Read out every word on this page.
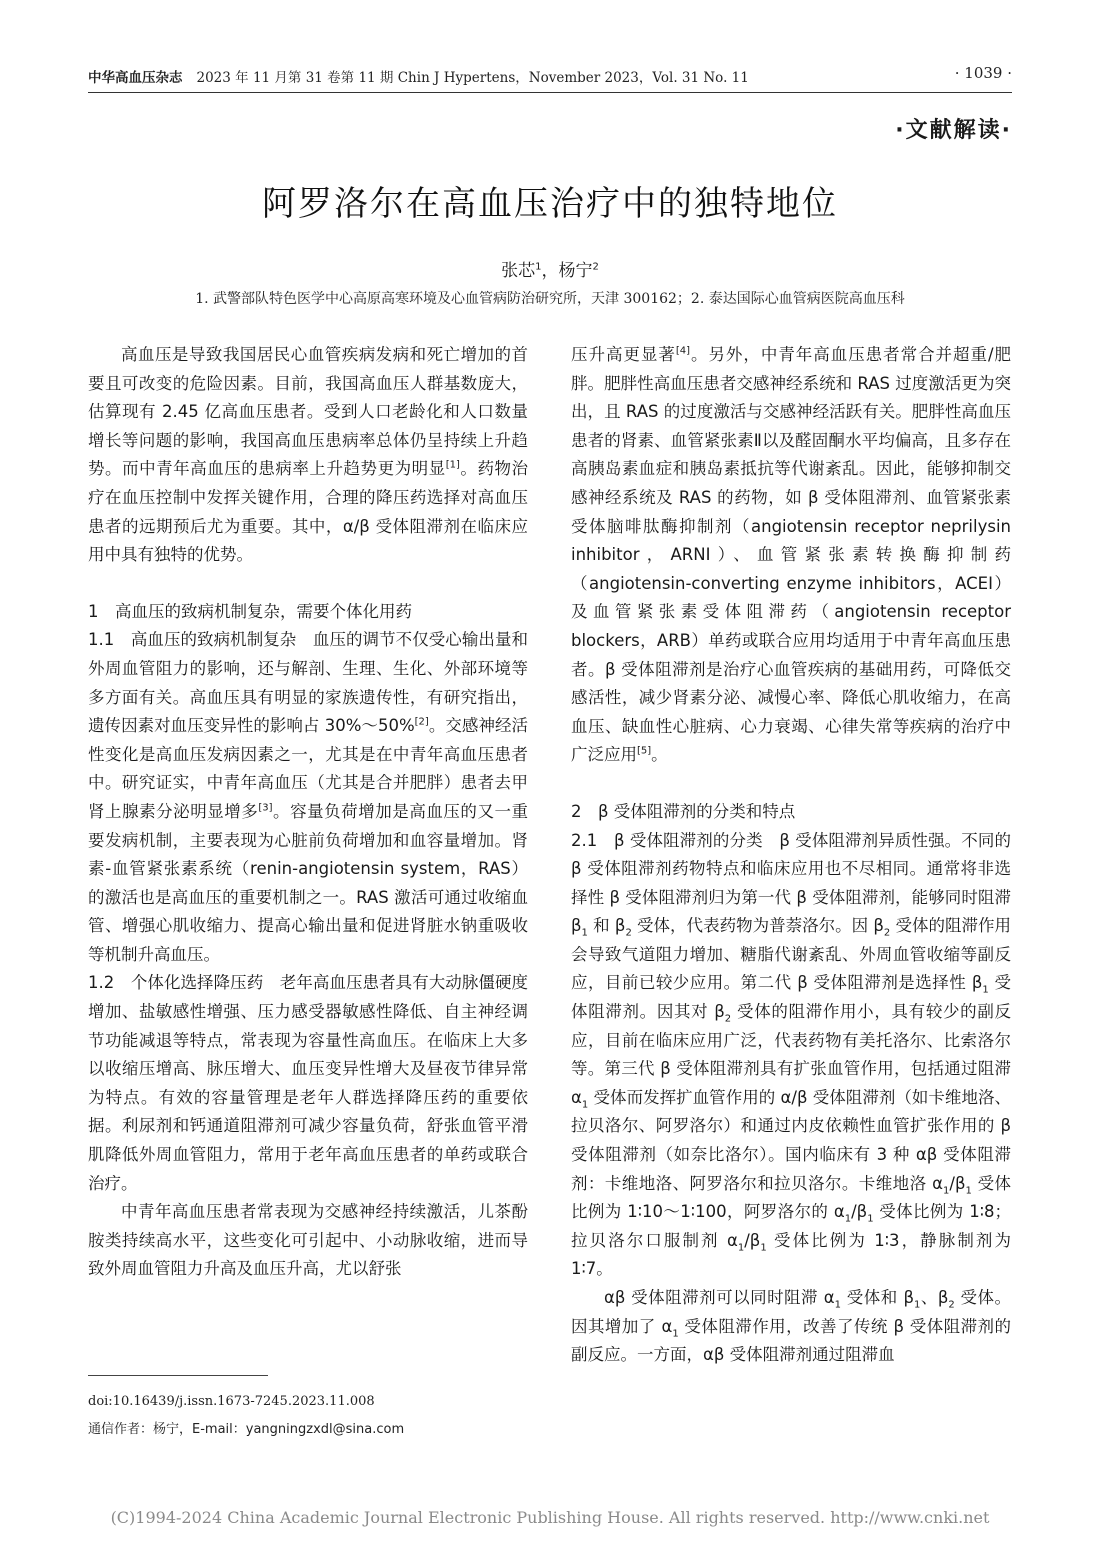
中华高血压杂志 2023 年 11 月第 31 卷第 11 期 Chin J Hypertens，November 2023，Vol. 31 No. 11	· 1039 ·
·文献解读·
阿罗洛尔在高血压治疗中的独特地位
张芯$^1$，杨宁$^2$
1. 武警部队特色医学中心高原高寒环境及心血管病防治研究所，天津 300162；2. 泰达国际心血管病医院高血压科

高血压是导致我国居民心血管疾病发病和死亡增加的首要且可改变的危险因素。目前，我国高血压人群基数庞大，估算现有 2.45 亿高血压患者。受到人口老龄化和人口数量增长等问题的影响，我国高血压患病率总体仍呈持续上升趋势。而中青年高血压的患病率上升趋势更为明显[1]。药物治疗在血压控制中发挥关键作用，合理的降压药选择对高血压患者的远期预后尤为重要。其中，α/β 受体阻滞剂在临床应用中具有独特的优势。

1　高血压的致病机制复杂，需要个体化用药

1.1　高血压的致病机制复杂　血压的调节不仅受心输出量和外周血管阻力的影响，还与解剖、生理、生化、外部环境等多方面有关。高血压具有明显的家族遗传性，有研究指出，遗传因素对血压变异性的影响占 30%～50%[2]。交感神经活性变化是高血压发病因素之一，尤其是在中青年高血压患者中。研究证实，中青年高血压（尤其是合并肥胖）患者去甲肾上腺素分泌明显增多[3]。容量负荷增加是高血压的又一重要发病机制，主要表现为心脏前负荷增加和血容量增加。肾素-血管紧张素系统（renin-angiotensin system，RAS）的激活也是高血压的重要机制之一。RAS 激活可通过收缩血管、增强心肌收缩力、提高心输出量和促进肾脏水钠重吸收等机制升高血压。

1.2　个体化选择降压药　老年高血压患者具有大动脉僵硬度增加、盐敏感性增强、压力感受器敏感性降低、自主神经调节功能减退等特点，常表现为容量性高血压。在临床上大多以收缩压增高、脉压增大、血压变异性增大及昼夜节律异常为特点。有效的容量管理是老年人群选择降压药的重要依据。利尿剂和钙通道阻滞剂可减少容量负荷，舒张血管平滑肌降低外周血管阻力，常用于老年高血压患者的单药或联合治疗。

中青年高血压患者常表现为交感神经持续激活，儿茶酚胺类持续高水平，这些变化可引起中、小动脉收缩，进而导致外周血管阻力升高及血压升高，尤以舒张

压升高更显著[4]。另外，中青年高血压患者常合并超重/肥胖。肥胖性高血压患者交感神经系统和 RAS 过度激活更为突出，且 RAS 的过度激活与交感神经活跃有关。肥胖性高血压患者的肾素、血管紧张素Ⅱ以及醛固酮水平均偏高，且多存在高胰岛素血症和胰岛素抵抗等代谢紊乱。因此，能够抑制交感神经系统及 RAS 的药物，如 β 受体阻滞剂、血管紧张素受体脑啡肽酶抑制剂（angiotensin receptor neprilysin inhibitor，ARNI）、血管紧张素转换酶抑制药（angiotensin-converting enzyme inhibitors，ACEI）及血管紧张素受体阻滞药（angiotensin receptor blockers，ARB）单药或联合应用均适用于中青年高血压患者。β 受体阻滞剂是治疗心血管疾病的基础用药，可降低交感活性，减少肾素分泌、减慢心率、降低心肌收缩力，在高血压、缺血性心脏病、心力衰竭、心律失常等疾病的治疗中广泛应用[5]。

2　β 受体阻滞剂的分类和特点

2.1　β 受体阻滞剂的分类　β 受体阻滞剂异质性强。不同的 β 受体阻滞剂药物特点和临床应用也不尽相同。通常将非选择性 β 受体阻滞剂归为第一代 β 受体阻滞剂，能够同时阻滞 $\beta_1$ 和 $\beta_2$ 受体，代表药物为普萘洛尔。因 $\beta_2$ 受体的阻滞作用会导致气道阻力增加、糖脂代谢紊乱、外周血管收缩等副反应，目前已较少应用。第二代 β 受体阻滞剂是选择性 $\beta_1$ 受体阻滞剂。因其对 $\beta_2$ 受体的阻滞作用小，具有较少的副反应，目前在临床应用广泛，代表药物有美托洛尔、比索洛尔等。第三代 β 受体阻滞剂具有扩张血管作用，包括通过阻滞 $\alpha_1$ 受体而发挥扩血管作用的 α/β 受体阻滞剂（如卡维地洛、拉贝洛尔、阿罗洛尔）和通过内皮依赖性血管扩张作用的 β 受体阻滞剂（如奈比洛尔）。国内临床有 3 种 αβ 受体阻滞剂：卡维地洛、阿罗洛尔和拉贝洛尔。卡维地洛 $\alpha_1/\beta_1$ 受体比例为 1∶10～1∶100，阿罗洛尔的 $\alpha_1/\beta_1$ 受体比例为 1∶8；拉贝洛尔口服制剂 $\alpha_1/\beta_1$ 受体比例为 1∶3，静脉制剂为 1∶7。

αβ 受体阻滞剂可以同时阻滞 $\alpha_1$ 受体和 $\beta_1$、$\beta_2$ 受体。因其增加了 $\alpha_1$ 受体阻滞作用，改善了传统 β 受体阻滞剂的副反应。一方面，αβ 受体阻滞剂通过阻滞血

doi:10.16439/j.issn.1673-7245.2023.11.008
通信作者：杨宁，E-mail：yangningzxdl@sina.com
(C)1994-2024 China Academic Journal Electronic Publishing House. All rights reserved. http://www.cnki.net
